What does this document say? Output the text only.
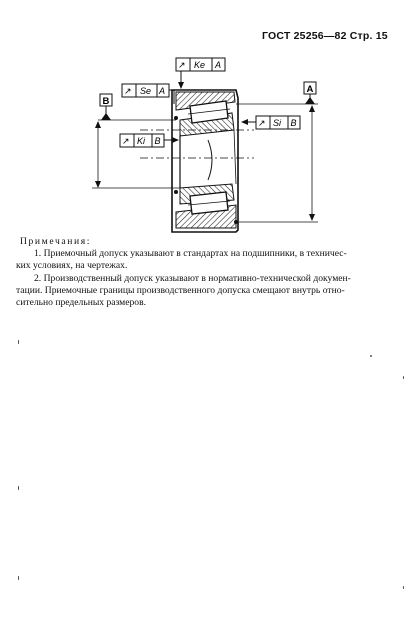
ГОСТ 25256—82 Стр. 15
B
A
↗ Ke A
↗ Se A
↗ Ki B
↗ Si B
Примечания:

1. Приемочный допуск указывают в стандартах на подшипники, в техничес-

ких условиях, на чертежах.

2. Производственный допуск указывают в нормативно-технической докумен-

тации. Приемочные границы производственного допуска смещают внутрь отно-

сительно предельных размеров.
